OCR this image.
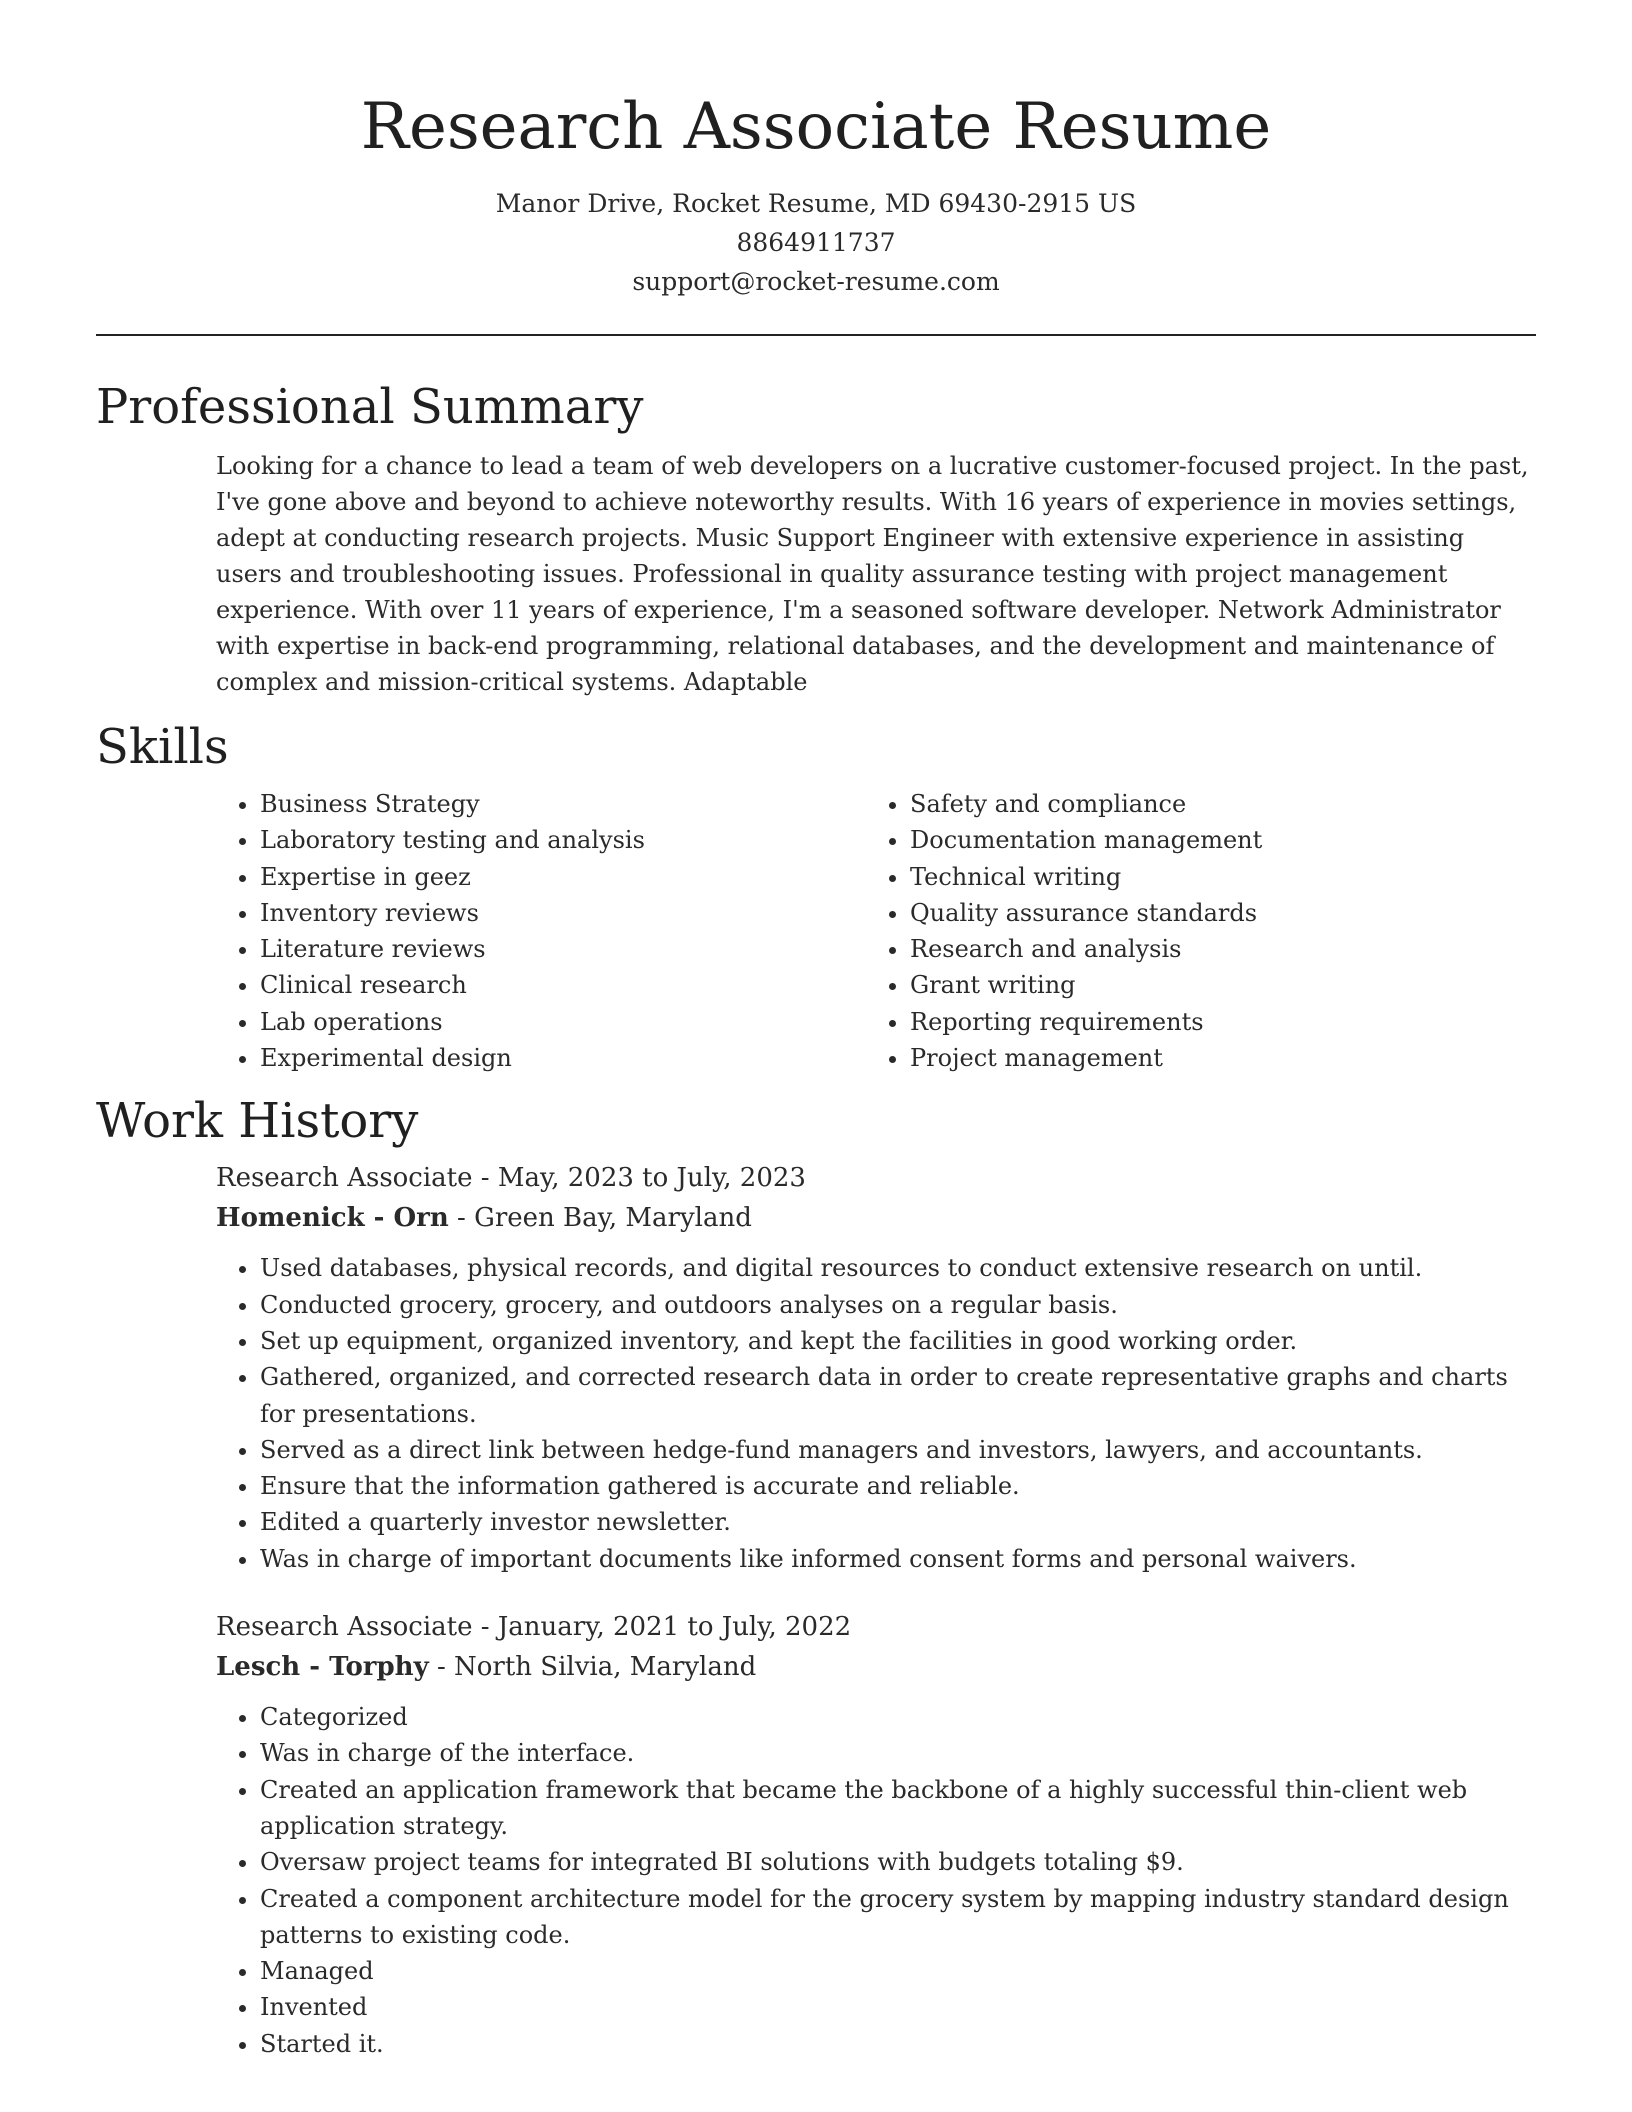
Research Associate Resume
Manor Drive, Rocket Resume, MD 69430-2915 US
8864911737
support@rocket-resume.com
Professional Summary
Looking for a chance to lead a team of web developers on a lucrative customer-focused project. In the past, I've gone above and beyond to achieve noteworthy results. With 16 years of experience in movies settings, adept at conducting research projects. Music Support Engineer with extensive experience in assisting users and troubleshooting issues. Professional in quality assurance testing with project management experience. With over 11 years of experience, I'm a seasoned software developer. Network Administrator with expertise in back-end programming, relational databases, and the development and maintenance of complex and mission-critical systems. Adaptable
Skills
• Business Strategy
• Laboratory testing and analysis
• Expertise in geez
• Inventory reviews
• Literature reviews
• Clinical research
• Lab operations
• Experimental design
• Safety and compliance
• Documentation management
• Technical writing
• Quality assurance standards
• Research and analysis
• Grant writing
• Reporting requirements
• Project management
Work History
Research Associate - May, 2023 to July, 2023
Homenick - Orn - Green Bay, Maryland
• Used databases, physical records, and digital resources to conduct extensive research on until.
• Conducted grocery, grocery, and outdoors analyses on a regular basis.
• Set up equipment, organized inventory, and kept the facilities in good working order.
• Gathered, organized, and corrected research data in order to create representative graphs and charts for presentations.
• Served as a direct link between hedge-fund managers and investors, lawyers, and accountants.
• Ensure that the information gathered is accurate and reliable.
• Edited a quarterly investor newsletter.
• Was in charge of important documents like informed consent forms and personal waivers.
Research Associate - January, 2021 to July, 2022
Lesch - Torphy - North Silvia, Maryland
• Categorized
• Was in charge of the interface.
• Created an application framework that became the backbone of a highly successful thin-client web application strategy.
• Oversaw project teams for integrated BI solutions with budgets totaling $9.
• Created a component architecture model for the grocery system by mapping industry standard design patterns to existing code.
• Managed
• Invented
• Started it.
